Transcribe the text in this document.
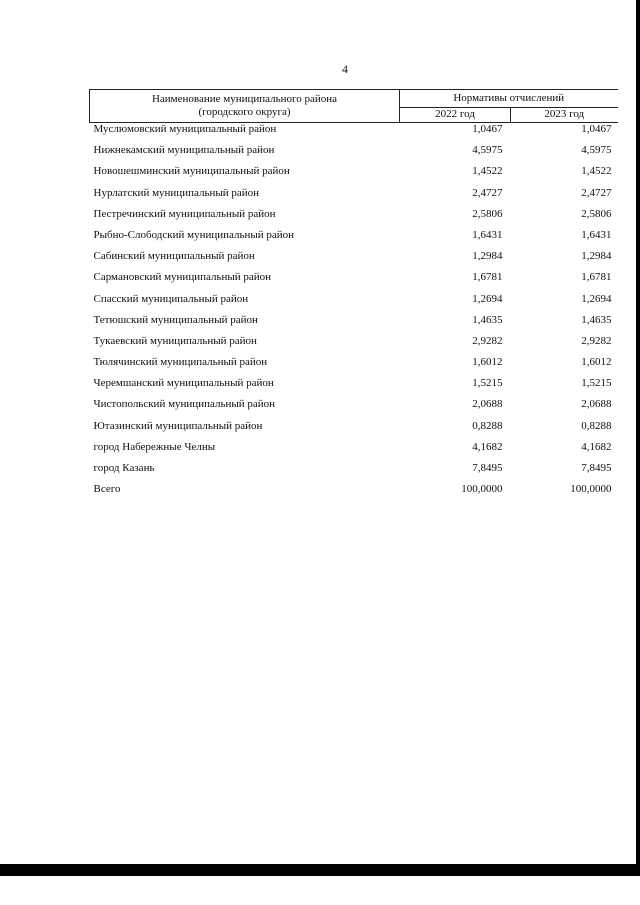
4
Наименование муниципального района
(городского округа)	Нормативы отчислений	
	2022 год	2023 год
Муслюмовский муниципальный район	1,0467	1,0467
Нижнекамский муниципальный район	4,5975	4,5975
Новошешминский муниципальный район	1,4522	1,4522
Нурлатский муниципальный район	2,4727	2,4727
Пестречинский муниципальный район	2,5806	2,5806
Рыбно-Слободский муниципальный район	1,6431	1,6431
Сабинский муниципальный район	1,2984	1,2984
Сармановский муниципальный район	1,6781	1,6781
Спасский муниципальный район	1,2694	1,2694
Тетюшский муниципальный район	1,4635	1,4635
Тукаевский муниципальный район	2,9282	2,9282
Тюлячинский муниципальный район	1,6012	1,6012
Черемшанский муниципальный район	1,5215	1,5215
Чистопольский муниципальный район	2,0688	2,0688
Ютазинский муниципальный район	0,8288	0,8288
город Набережные Челны	4,1682	4,1682
город Казань	7,8495	7,8495
Всего	100,0000	100,0000
